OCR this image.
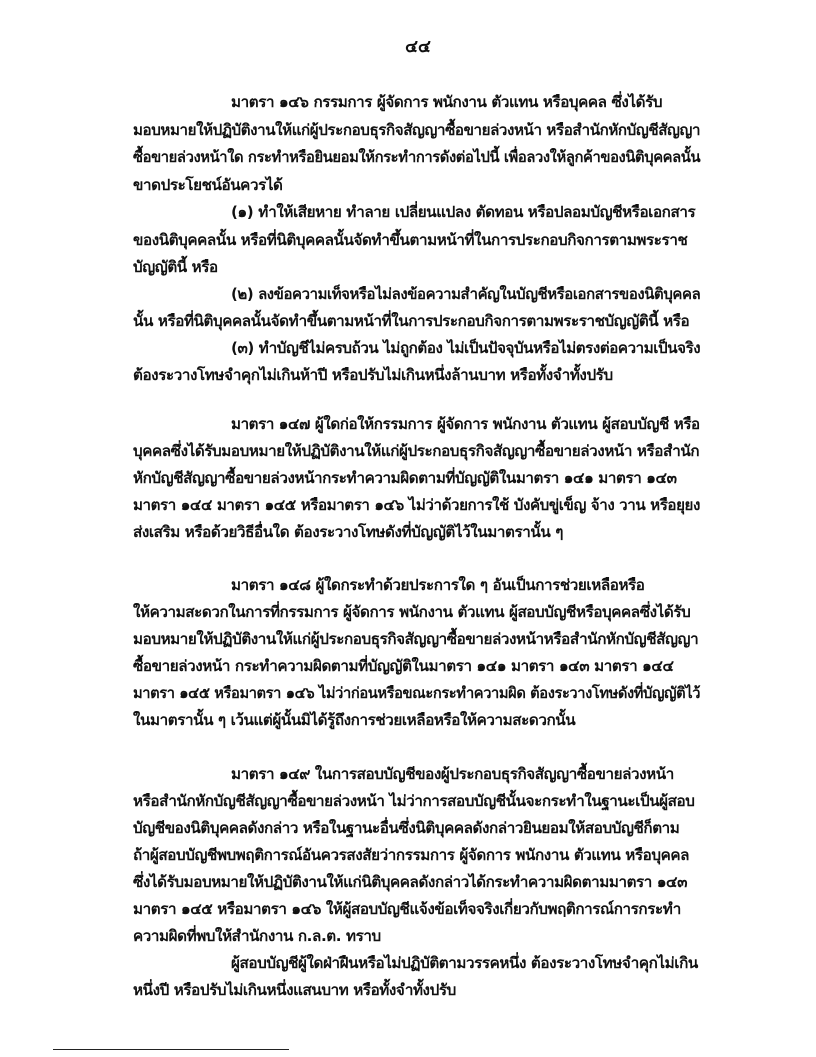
๔๔
มาตรา ๑๔๖ กรรมการ ผู้จัดการ พนักงาน ตัวแทน หรือบุคคล ซึ่งได้รับ
มอบหมายให้ปฏิบัติงานให้แก่ผู้ประกอบธุรกิจสัญญาซื้อขายล่วงหน้า หรือสำนักหักบัญชีสัญญา
ซื้อขายล่วงหน้าใด กระทำหรือยินยอมให้กระทำการดังต่อไปนี้ เพื่อลวงให้ลูกค้าของนิติบุคคลนั้น
ขาดประโยชน์อันควรได้
(๑) ทำให้เสียหาย ทำลาย เปลี่ยนแปลง ตัดทอน หรือปลอมบัญชีหรือเอกสาร
ของนิติบุคคลนั้น หรือที่นิติบุคคลนั้นจัดทำขึ้นตามหน้าที่ในการประกอบกิจการตามพระราช
บัญญัตินี้ หรือ
(๒) ลงข้อความเท็จหรือไม่ลงข้อความสำคัญในบัญชีหรือเอกสารของนิติบุคคล
นั้น หรือที่นิติบุคคลนั้นจัดทำขึ้นตามหน้าที่ในการประกอบกิจการตามพระราชบัญญัตินี้ หรือ
(๓) ทำบัญชีไม่ครบถ้วน ไม่ถูกต้อง ไม่เป็นปัจจุบันหรือไม่ตรงต่อความเป็นจริง
ต้องระวางโทษจำคุกไม่เกินห้าปี หรือปรับไม่เกินหนึ่งล้านบาท หรือทั้งจำทั้งปรับ
มาตรา ๑๔๗ ผู้ใดก่อให้กรรมการ ผู้จัดการ พนักงาน ตัวแทน ผู้สอบบัญชี หรือ
บุคคลซึ่งได้รับมอบหมายให้ปฏิบัติงานให้แก่ผู้ประกอบธุรกิจสัญญาซื้อขายล่วงหน้า หรือสำนัก
หักบัญชีสัญญาซื้อขายล่วงหน้ากระทำความผิดตามที่บัญญัติในมาตรา ๑๔๑ มาตรา ๑๔๓
มาตรา ๑๔๔ มาตรา ๑๔๕ หรือมาตรา ๑๔๖ ไม่ว่าด้วยการใช้ บังคับขู่เข็ญ จ้าง วาน หรือยุยง
ส่งเสริม หรือด้วยวิธีอื่นใด ต้องระวางโทษดังที่บัญญัติไว้ในมาตรานั้น ๆ
มาตรา ๑๔๘ ผู้ใดกระทำด้วยประการใด ๆ อันเป็นการช่วยเหลือหรือ
ให้ความสะดวกในการที่กรรมการ ผู้จัดการ พนักงาน ตัวแทน ผู้สอบบัญชีหรือบุคคลซึ่งได้รับ
มอบหมายให้ปฏิบัติงานให้แก่ผู้ประกอบธุรกิจสัญญาซื้อขายล่วงหน้าหรือสำนักหักบัญชีสัญญา
ซื้อขายล่วงหน้า กระทำความผิดตามที่บัญญัติในมาตรา ๑๔๑ มาตรา ๑๔๓ มาตรา ๑๔๔
มาตรา ๑๔๕ หรือมาตรา ๑๔๖ ไม่ว่าก่อนหรือขณะกระทำความผิด ต้องระวางโทษดังที่บัญญัติไว้
ในมาตรานั้น ๆ เว้นแต่ผู้นั้นมิได้รู้ถึงการช่วยเหลือหรือให้ความสะดวกนั้น
มาตรา ๑๔๙ ในการสอบบัญชีของผู้ประกอบธุรกิจสัญญาซื้อขายล่วงหน้า
หรือสำนักหักบัญชีสัญญาซื้อขายล่วงหน้า ไม่ว่าการสอบบัญชีนั้นจะกระทำในฐานะเป็นผู้สอบ
บัญชีของนิติบุคคลดังกล่าว หรือในฐานะอื่นซึ่งนิติบุคคลดังกล่าวยินยอมให้สอบบัญชีก็ตาม
ถ้าผู้สอบบัญชีพบพฤติการณ์อันควรสงสัยว่ากรรมการ ผู้จัดการ พนักงาน ตัวแทน หรือบุคคล
ซึ่งได้รับมอบหมายให้ปฏิบัติงานให้แก่นิติบุคคลดังกล่าวได้กระทำความผิดตามมาตรา ๑๔๓
มาตรา ๑๔๕ หรือมาตรา ๑๔๖ ให้ผู้สอบบัญชีแจ้งข้อเท็จจริงเกี่ยวกับพฤติการณ์การกระทำ
ความผิดที่พบให้สำนักงาน ก.ล.ต. ทราบ
ผู้สอบบัญชีผู้ใดฝ่าฝืนหรือไม่ปฏิบัติตามวรรคหนึ่ง ต้องระวางโทษจำคุกไม่เกิน
หนึ่งปี หรือปรับไม่เกินหนึ่งแสนบาท หรือทั้งจำทั้งปรับ
